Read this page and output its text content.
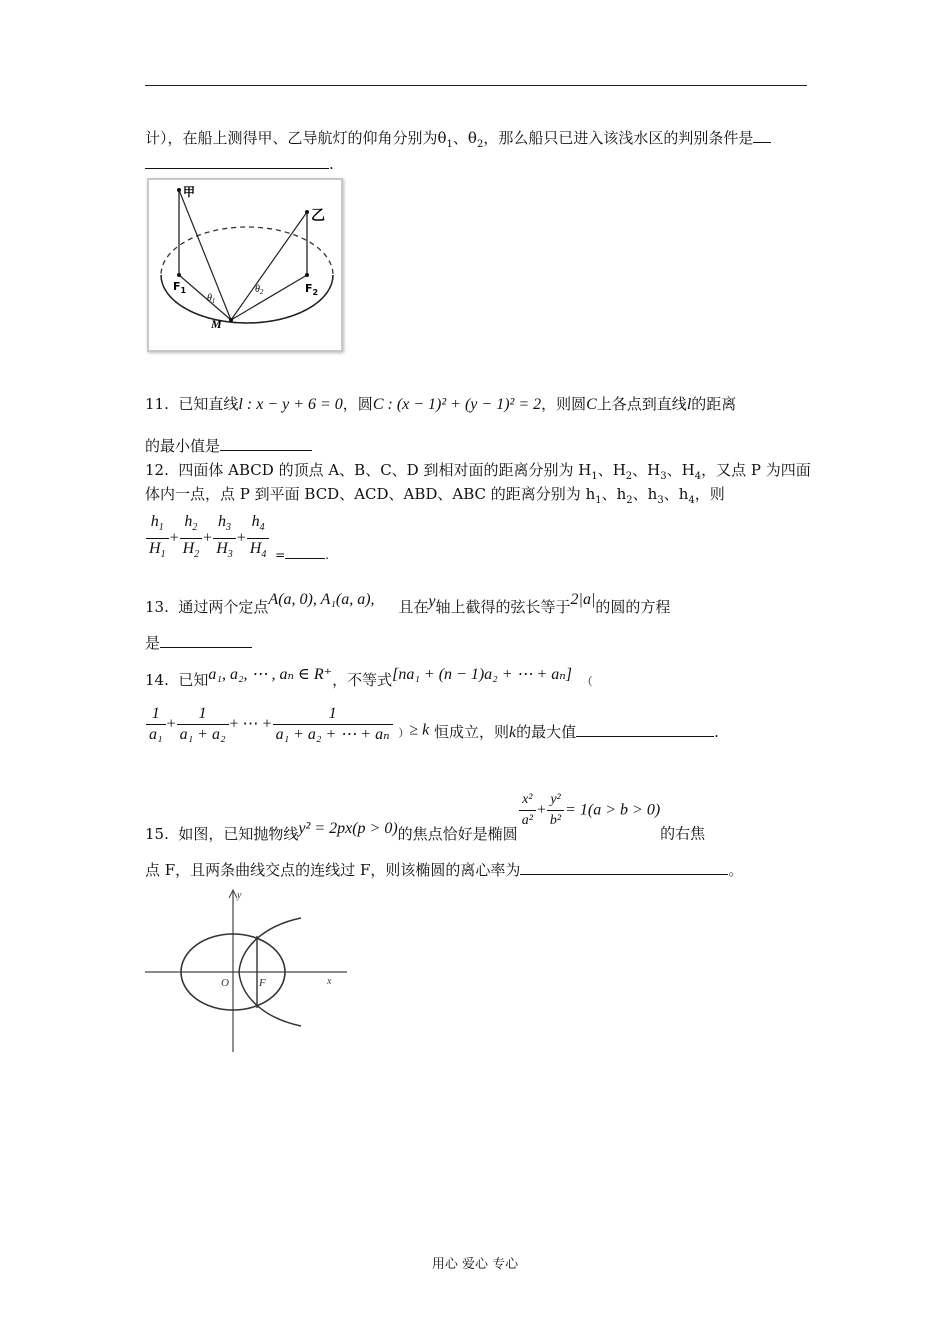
计），在船上测得甲、乙导航灯的仰角分别为$\theta_1$、$\theta_2$，那么船只已进入该浅水区的判别条件是
.
甲
乙
$F_1$	$F_2$
M
$\theta_1$
$\theta_2$
11. 已知直线l : x − y + 6 = 0，圆C : (x − 1)² + (y − 1)² = 2，则圆C上各点到直线l的距离
的最小值是
12. 四面体 ABCD 的顶点 A、B、C、D 到相对面的距离分别为 $H_1$、$H_2$、$H_3$、$H_4$，又点 P 为四面
体内一点，点 P 到平面 BCD、ACD、ABD、ABC 的距离分别为 $h_1$、$h_2$、$h_3$、$h_4$，则
$\frac{h_1}{H_1} + \frac{h_2}{H_2} + \frac{h_3}{H_3} + \frac{h_4}{H_4} _{= .}$
13. 通过两个定点A(a, 0), A₁(a, a), 且在y轴上截得的弦长等于2|a|的圆的方程
是
14. 已知a₁, a₂, ⋯ , aₙ ∈ R⁺，不等式[na₁ + (n − 1)a₂ + ⋯ + aₙ] （
$\frac{1}{\text{a₁}} + \frac{1}{\text{a₁ + a₂}}$ + ⋯ + $\frac{1}{\text{a₁ + a₂ + ⋯ + aₙ}} _)\ge k$ 恒成立，则k的最大值	.
15. 如图，已知抛物线y² = 2px(p > 0)的焦点恰好是椭圆
$\frac{\text{x²}}{\text{a²}} + \frac{\text{y²}}{\text{b²}} = 1(a > b > 0)$的右焦
点 F，且两条曲线交点的连线过 F，则该椭圆的离心率为	。
y
x
O	F
用心 爱心 专心
